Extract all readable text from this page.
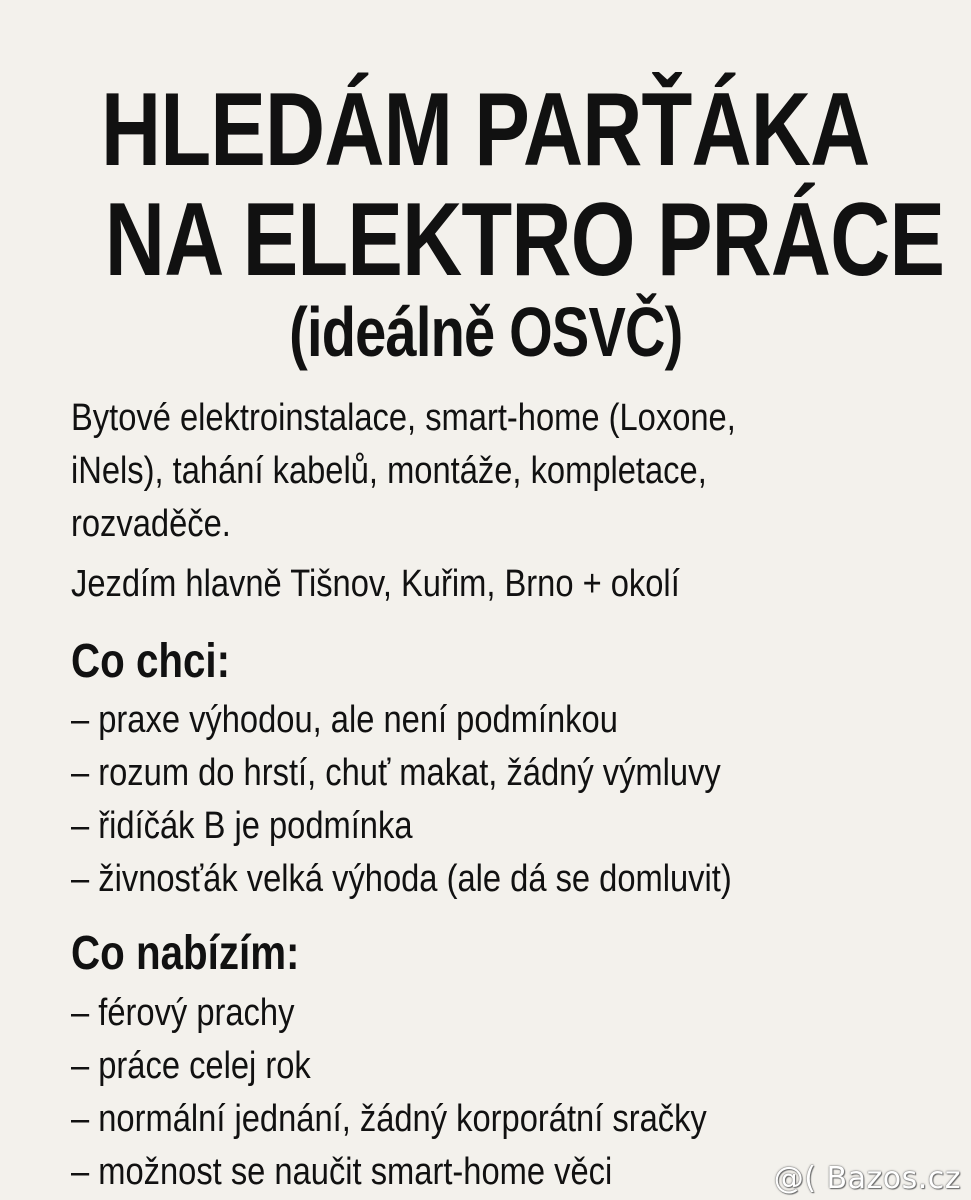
HLEDÁM PARŤÁKA
NA ELEKTRO PRÁCE
(ideálně OSVČ)
Bytové elektroinstalace, smart-home (Loxone,
iNels), tahání kabelů, montáže, kompletace,
rozvaděče.
Jezdím hlavně Tišnov, Kuřim, Brno + okolí
Co chci:
– praxe výhodou, ale není podmínkou
– rozum do hrstí, chuť makat, žádný výmluvy
– řidíčák B je podmínka
– živnosťák velká výhoda (ale dá se domluvit)
Co nabízím:
– férový prachy
– práce celej rok
– normální jednání, žádný korporátní sračky
– možnost se naučit smart-home věci	@( Bazos.cz
